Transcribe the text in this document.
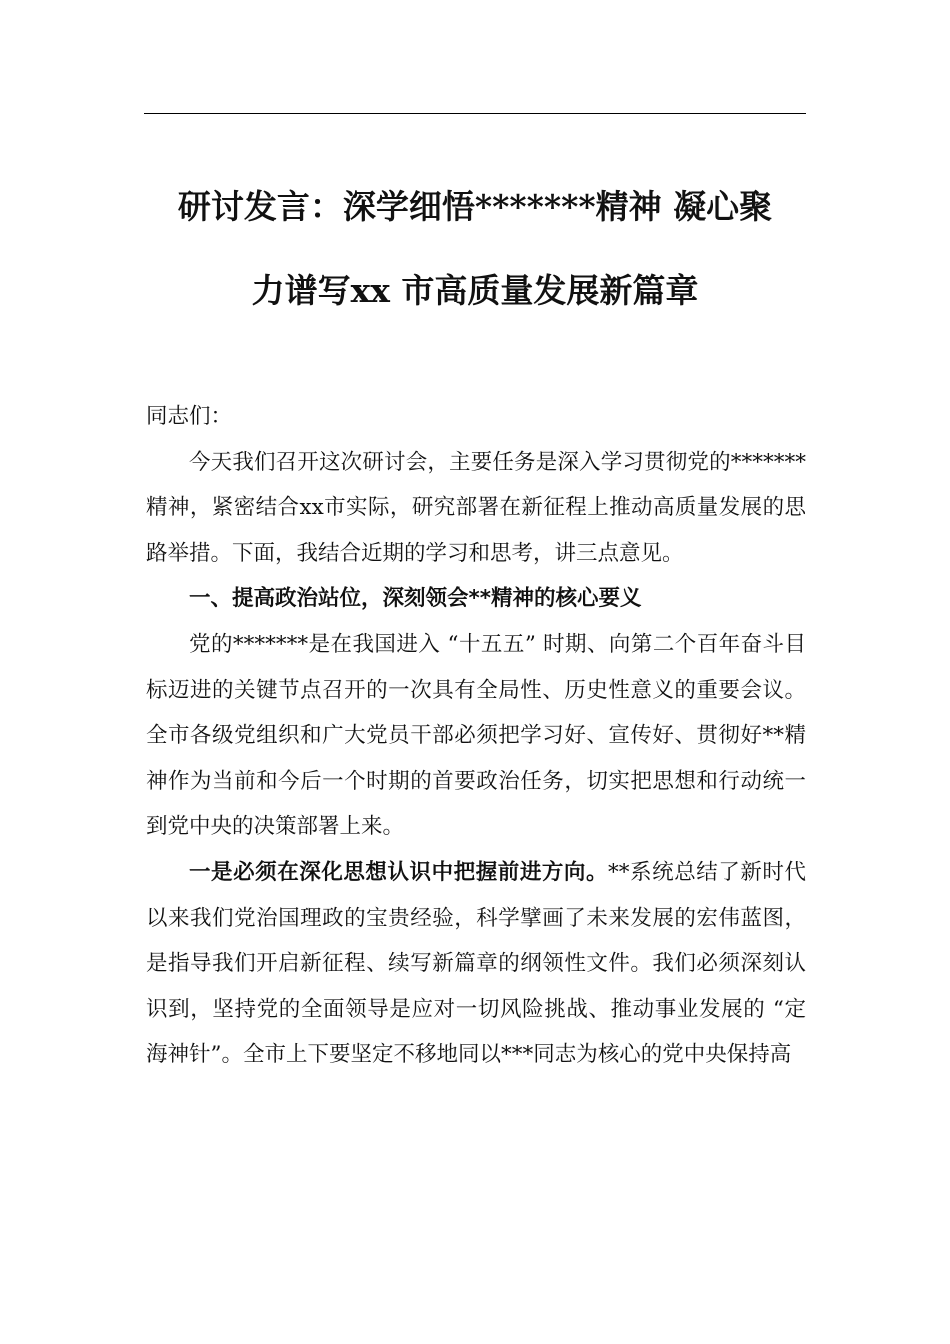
研讨发言：深学细悟*******精神 凝心聚
力谱写xx 市高质量发展新篇章

同志们：

今天我们召开这次研讨会，主要任务是深入学习贯彻党的*******精神，紧密结合xx市实际，研究部署在新征程上推动高质量发展的思路举措。下面，我结合近期的学习和思考，讲三点意见。

一、提高政治站位，深刻领会**精神的核心要义

党的*******是在我国进入 “十五五” 时期、向第二个百年奋斗目标迈进的关键节点召开的一次具有全局性、历史性意义的重要会议。全市各级党组织和广大党员干部必须把学习好、宣传好、贯彻好**精神作为当前和今后一个时期的首要政治任务，切实把思想和行动统一到党中央的决策部署上来。

一是必须在深化思想认识中把握前进方向。**系统总结了新时代以来我们党治国理政的宝贵经验，科学擘画了未来发展的宏伟蓝图，是指导我们开启新征程、续写新篇章的纲领性文件。我们必须深刻认识到，坚持党的全面领导是应对一切风险挑战、推动事业发展的 “定海神针”。全市上下要坚定不移地同以***同志为核心的党中央保持高
